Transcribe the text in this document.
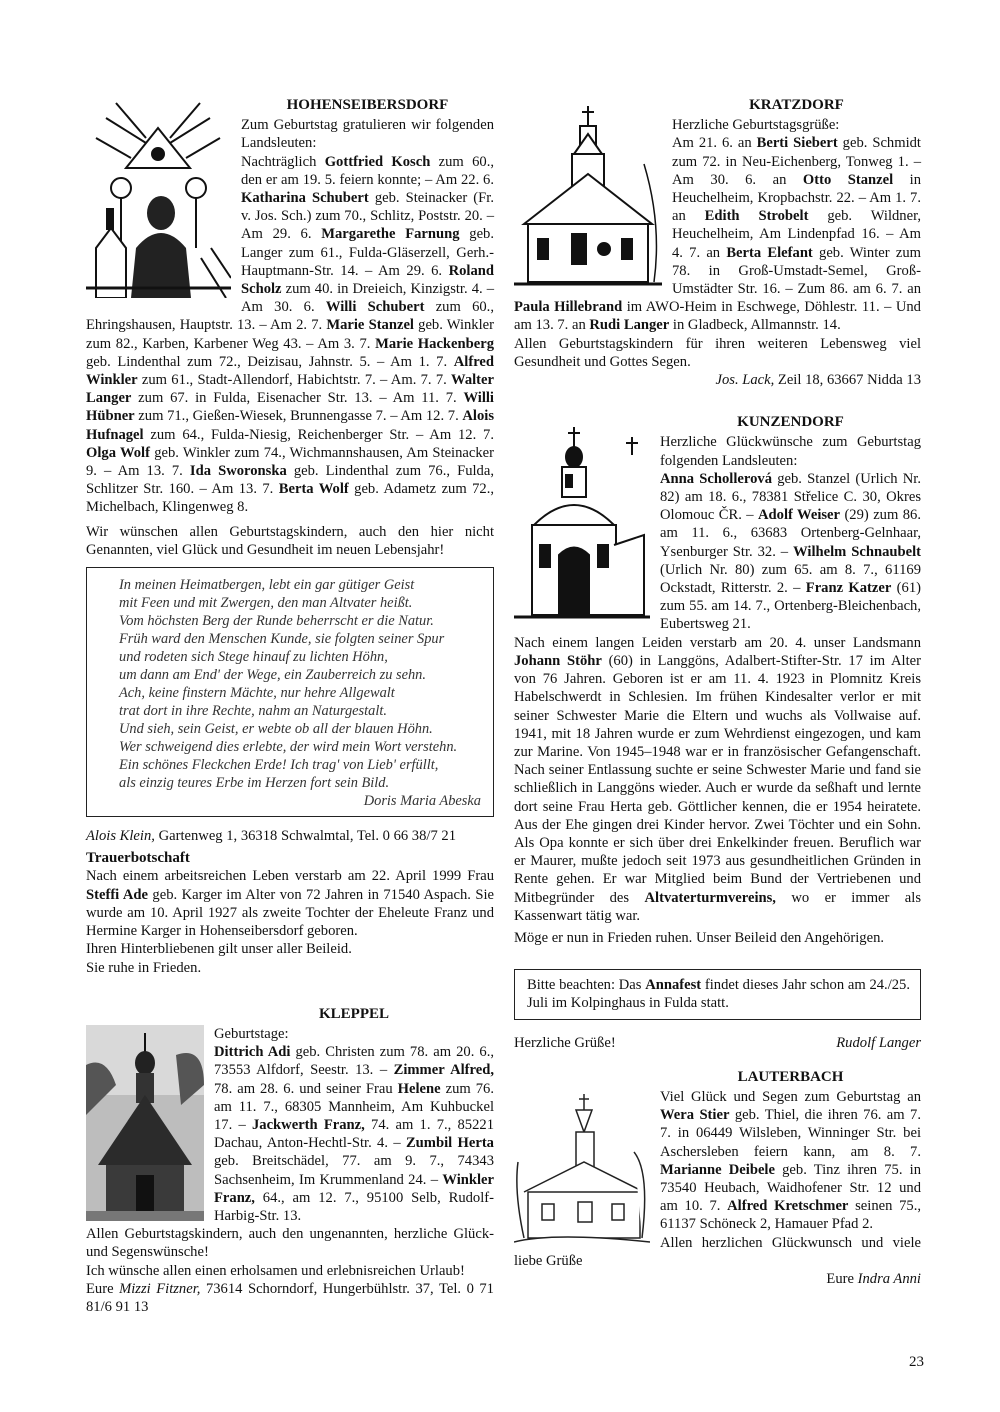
HOHENSEIBERSDORF

Zum Geburtstag gratulieren wir folgenden Landsleuten:

Nachträglich Gottfried Kosch zum 60., den er am 19. 5. feiern konnte; – Am 22. 6. Katharina Schubert geb. Steinacker (Fr. v. Jos. Sch.) zum 70., Schlitz, Poststr. 20. – Am 29. 6. Margarethe Farnung geb. Langer zum 61., Fulda-Gläserzell, Gerh.-Hauptmann-Str. 14. – Am 29. 6. Roland Scholz zum 40. in Dreieich, Kinzigstr. 4. – Am 30. 6. Willi Schubert zum 60., Ehringshausen, Hauptstr. 13. – Am 2. 7. Marie Stanzel geb. Winkler zum 82., Karben, Karbener Weg 43. – Am 3. 7. Marie Hackenberg geb. Lindenthal zum 72., Deizisau, Jahnstr. 5. – Am 1. 7. Alfred Winkler zum 61., Stadt-Allendorf, Habichtstr. 7. – Am. 7. 7. Walter Langer zum 67. in Fulda, Eisenacher Str. 13. – Am 11. 7. Willi Hübner zum 71., Gießen-Wiesek, Brunnengasse 7. – Am 12. 7. Alois Hufnagel zum 64., Fulda-Niesig, Reichenberger Str. – Am 12. 7. Olga Wolf geb. Winkler zum 74., Wichmannshausen, Am Steinacker 9. – Am 13. 7. Ida Sworonska geb. Lindenthal zum 76., Fulda, Schlitzer Str. 160. – Am 13. 7. Berta Wolf geb. Adametz zum 72., Michelbach, Klingenweg 8.

Wir wünschen allen Geburtstagskindern, auch den hier nicht Genannten, viel Glück und Gesundheit im neuen Lebensjahr!

In meinen Heimatbergen, lebt ein gar gütiger Geist
mit Feen und mit Zwergen, den man Altvater heißt.
Vom höchsten Berg der Runde beherrscht er die Natur.
Früh ward den Menschen Kunde, sie folgten seiner Spur
und rodeten sich Stege hinauf zu lichten Höhn,
um dann am End' der Wege, ein Zauberreich zu sehn.
Ach, keine finstern Mächte, nur hehre Allgewalt
trat dort in ihre Rechte, nahm an Naturgestalt.
Und sieh, sein Geist, er webte ob all der blauen Höhn.
Wer schweigend dies erlebte, der wird mein Wort verstehn.
Ein schönes Fleckchen Erde! Ich trag' von Lieb' erfüllt,
als einzig teures Erbe im Herzen fort sein Bild.
Doris Maria Abeska

Alois Klein, Gartenweg 1, 36318 Schwalmtal, Tel. 0 66 38/7 21

Trauerbotschaft

Nach einem arbeitsreichen Leben verstarb am 22. April 1999 Frau Steffi Ade geb. Karger im Alter von 72 Jahren in 71540 Aspach. Sie wurde am 10. April 1927 als zweite Tochter der Eheleute Franz und Hermine Karger in Hohenseibersdorf geboren.

Ihren Hinterbliebenen gilt unser aller Beileid.

Sie ruhe in Frieden.

KLEPPEL

Geburtstage:

Dittrich Adi geb. Christen zum 78. am 20. 6., 73553 Alfdorf, Seestr. 13. – Zimmer Alfred, 78. am 28. 6. und seiner Frau Helene zum 76. am 11. 7., 68305 Mannheim, Am Kuhbuckel 17. – Jackwerth Franz, 74. am 1. 7., 85221 Dachau, Anton-Hechtl-Str. 4. – Zumbil Herta geb. Breitschädel, 77. am 9. 7., 74343 Sachsenheim, Im Krummenland 24. – Winkler Franz, 64., am 12. 7., 95100 Selb, Rudolf-Harbig-Str. 13.

Allen Geburtstagskindern, auch den ungenannten, herzliche Glück- und Segenswünsche!

Ich wünsche allen einen erholsamen und erlebnisreichen Urlaub!

Eure Mizzi Fitzner, 73614 Schorndorf, Hungerbühlstr. 37, Tel. 0 71 81/6 91 13

KRATZDORF

Herzliche Geburtstagsgrüße:

Am 21. 6. an Berti Siebert geb. Schmidt zum 72. in Neu-Eichenberg, Tonweg 1. – Am 30. 6. an Otto Stanzel in Heuchelheim, Kropbachstr. 22. – Am 1. 7. an Edith Strobelt geb. Wildner, Heuchelheim, Am Lindenpfad 16. – Am 4. 7. an Berta Elefant geb. Winter zum 78. in Groß-Umstadt-Semel, Groß-Umstädter Str. 16. – Zum 86. am 6. 7. an Paula Hillebrand im AWO-Heim in Eschwege, Döhlestr. 11. – Und am 13. 7. an Rudi Langer in Gladbeck, Allmannstr. 14.

Allen Geburtstagskindern für ihren weiteren Lebensweg viel Gesundheit und Gottes Segen.

Jos. Lack, Zeil 18, 63667 Nidda 13

KUNZENDORF

Herzliche Glückwünsche zum Geburtstag folgenden Landsleuten:

Anna Schollerová geb. Stanzel (Urlich Nr. 82) am 18. 6., 78381 Střelice C. 30, Okres Olomouc ČR. – Adolf Weiser (29) zum 86. am 11. 6., 63683 Ortenberg-Gelnhaar, Ysenburger Str. 32. – Wilhelm Schnaubelt (Urlich Nr. 80) zum 65. am 8. 7., 61169 Ockstadt, Ritterstr. 2. – Franz Katzer (61) zum 55. am 14. 7., Ortenberg-Bleichenbach, Eubertsweg 21.

Nach einem langen Leiden verstarb am 20. 4. unser Landsmann Johann Stöhr (60) in Langgöns, Adalbert-Stifter-Str. 17 im Alter von 76 Jahren. Geboren ist er am 11. 4. 1923 in Plomnitz Kreis Habelschwerdt in Schlesien. Im frühen Kindesalter verlor er mit seiner Schwester Marie die Eltern und wuchs als Vollwaise auf. 1941, mit 18 Jahren wurde er zum Wehrdienst eingezogen, und kam zur Marine. Von 1945–1948 war er in französischer Gefangenschaft. Nach seiner Entlassung suchte er seine Schwester Marie und fand sie schließlich in Langgöns wieder. Auch er wurde da seßhaft und lernte dort seine Frau Herta geb. Göttlicher kennen, die er 1954 heiratete. Aus der Ehe gingen drei Kinder hervor. Zwei Töchter und ein Sohn. Als Opa konnte er sich über drei Enkelkinder freuen. Beruflich war er Maurer, mußte jedoch seit 1973 aus gesundheitlichen Gründen in Rente gehen. Er war Mitglied beim Bund der Vertriebenen und Mitbegründer des Altvaterturmvereins, wo er immer als Kassenwart tätig war.

Möge er nun in Frieden ruhen. Unser Beileid den Angehörigen.

Bitte beachten: Das Annafest findet dieses Jahr schon am 24./25. Juli im Kolpinghaus in Fulda statt.

Herzliche Grüße!	Rudolf Langer
LAUTERBACH

Viel Glück und Segen zum Geburtstag an Wera Stier geb. Thiel, die ihren 76. am 7. 7. in 06449 Wilsleben, Winninger Str. bei Aschersleben feiern kann, am 8. 7. Marianne Deibele geb. Tinz ihren 75. in 73540 Heubach, Waidhofener Str. 12 und am 10. 7. Alfred Kretschmer seinen 75., 61137 Schöneck 2, Hamauer Pfad 2.

Allen herzlichen Glückwunsch und viele liebe Grüße

Eure Indra Anni

23
